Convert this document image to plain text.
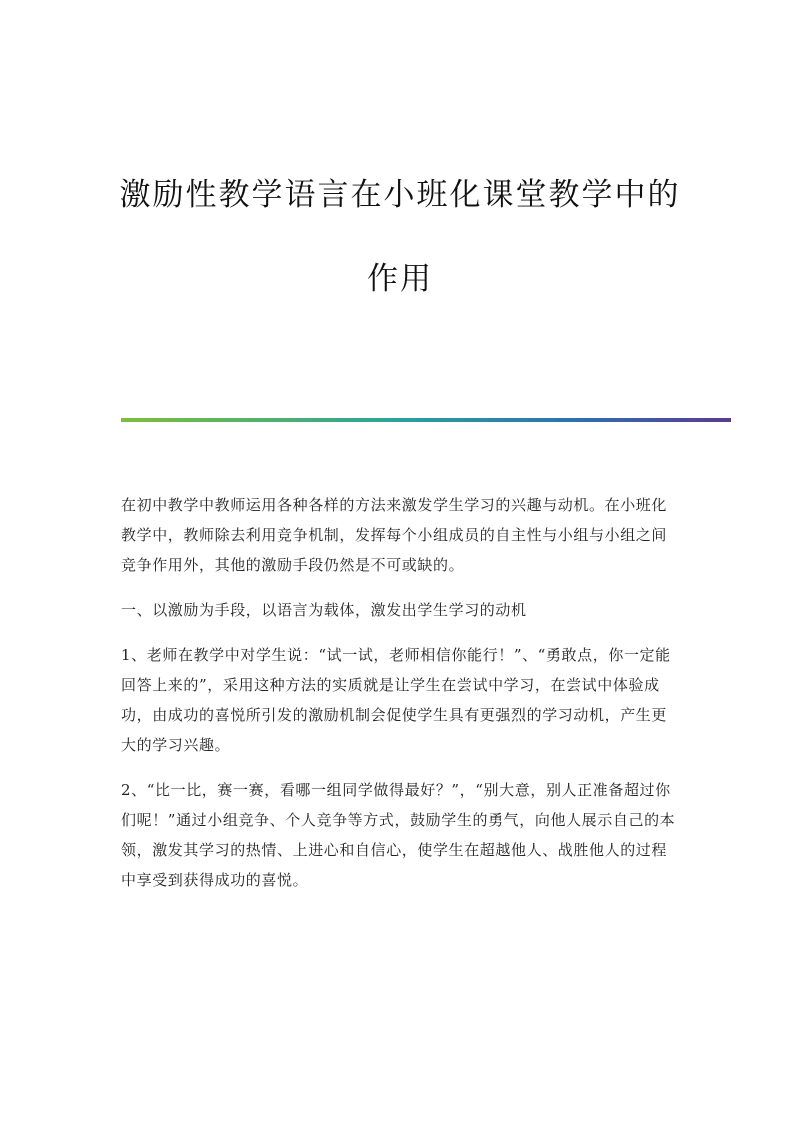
激励性教学语言在小班化课堂教学中的
作用

在初中教学中教师运用各种各样的方法来激发学生学习的兴趣与动机。在小班化教学中，教师除去利用竞争机制，发挥每个小组成员的自主性与小组与小组之间竞争作用外，其他的激励手段仍然是不可或缺的。

一、以激励为手段，以语言为载体，激发出学生学习的动机

1、老师在教学中对学生说：“试一试，老师相信你能行！”、“勇敢点，你一定能回答上来的”，采用这种方法的实质就是让学生在尝试中学习，在尝试中体验成功，由成功的喜悦所引发的激励机制会促使学生具有更强烈的学习动机，产生更大的学习兴趣。

2、“比一比，赛一赛，看哪一组同学做得最好？”，“别大意，别人正准备超过你们呢！”通过小组竞争、个人竞争等方式，鼓励学生的勇气，向他人展示自己的本领，激发其学习的热情、上进心和自信心，使学生在超越他人、战胜他人的过程中享受到获得成功的喜悦。
